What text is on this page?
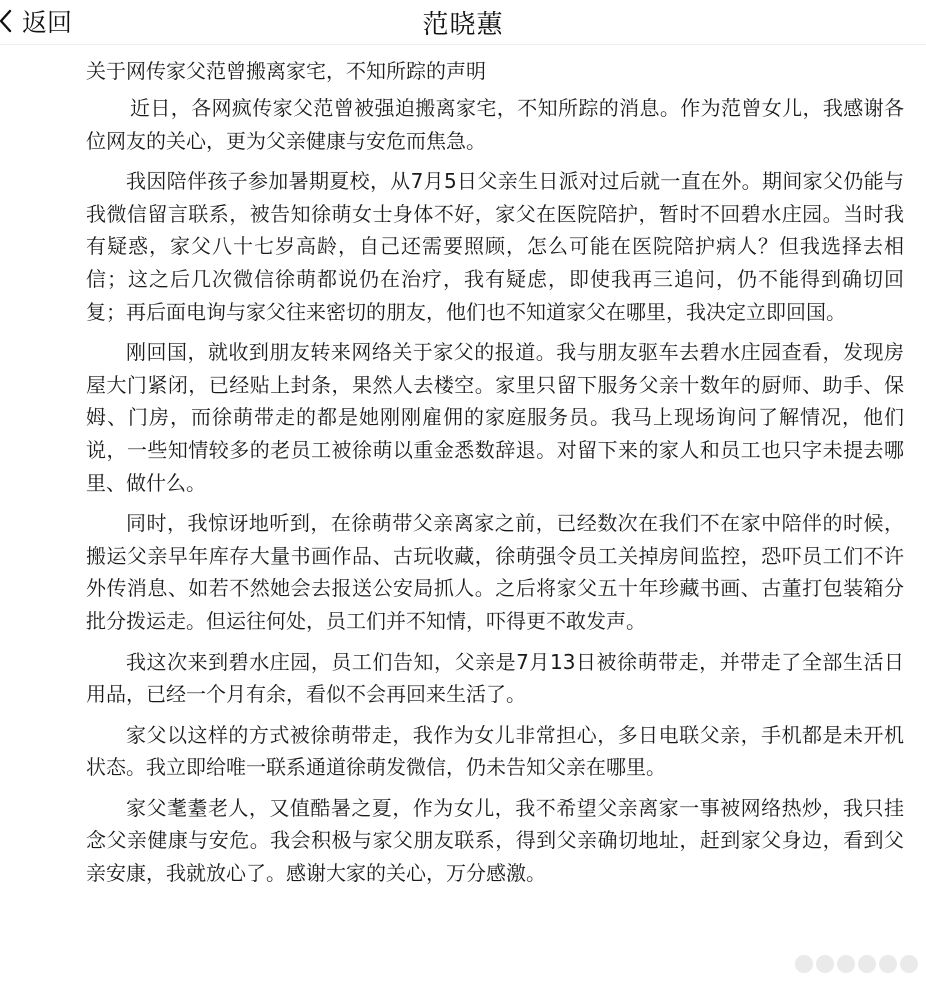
返回	范晓蕙
关于网传家父范曾搬离家宅，不知所踪的声明

近日，各网疯传家父范曾被强迫搬离家宅，不知所踪的消息。作为范曾女儿，我感谢各位网友的关心，更为父亲健康与安危而焦急。

我因陪伴孩子参加暑期夏校，从7月5日父亲生日派对过后就一直在外。期间家父仍能与我微信留言联系，被告知徐萌女士身体不好，家父在医院陪护，暂时不回碧水庄园。当时我有疑惑，家父八十七岁高龄，自己还需要照顾，怎么可能在医院陪护病人？但我选择去相信；这之后几次微信徐萌都说仍在治疗，我有疑虑，即使我再三追问，仍不能得到确切回复；再后面电询与家父往来密切的朋友，他们也不知道家父在哪里，我决定立即回国。

刚回国，就收到朋友转来网络关于家父的报道。我与朋友驱车去碧水庄园查看，发现房屋大门紧闭，已经贴上封条，果然人去楼空。家里只留下服务父亲十数年的厨师、助手、保姆、门房，而徐萌带走的都是她刚刚雇佣的家庭服务员。我马上现场询问了解情况，他们说，一些知情较多的老员工被徐萌以重金悉数辞退。对留下来的家人和员工也只字未提去哪里、做什么。

同时，我惊讶地听到，在徐萌带父亲离家之前，已经数次在我们不在家中陪伴的时候，搬运父亲早年库存大量书画作品、古玩收藏，徐萌强令员工关掉房间监控，恐吓员工们不许外传消息、如若不然她会去报送公安局抓人。之后将家父五十年珍藏书画、古董打包装箱分批分拨运走。但运往何处，员工们并不知情，吓得更不敢发声。

我这次来到碧水庄园，员工们告知，父亲是7月13日被徐萌带走，并带走了全部生活日用品，已经一个月有余，看似不会再回来生活了。

家父以这样的方式被徐萌带走，我作为女儿非常担心，多日电联父亲，手机都是未开机状态。我立即给唯一联系通道徐萌发微信，仍未告知父亲在哪里。

家父耄耋老人，又值酷暑之夏，作为女儿，我不希望父亲离家一事被网络热炒，我只挂念父亲健康与安危。我会积极与家父朋友联系，得到父亲确切地址，赶到家父身边，看到父亲安康，我就放心了。感谢大家的关心，万分感激。
